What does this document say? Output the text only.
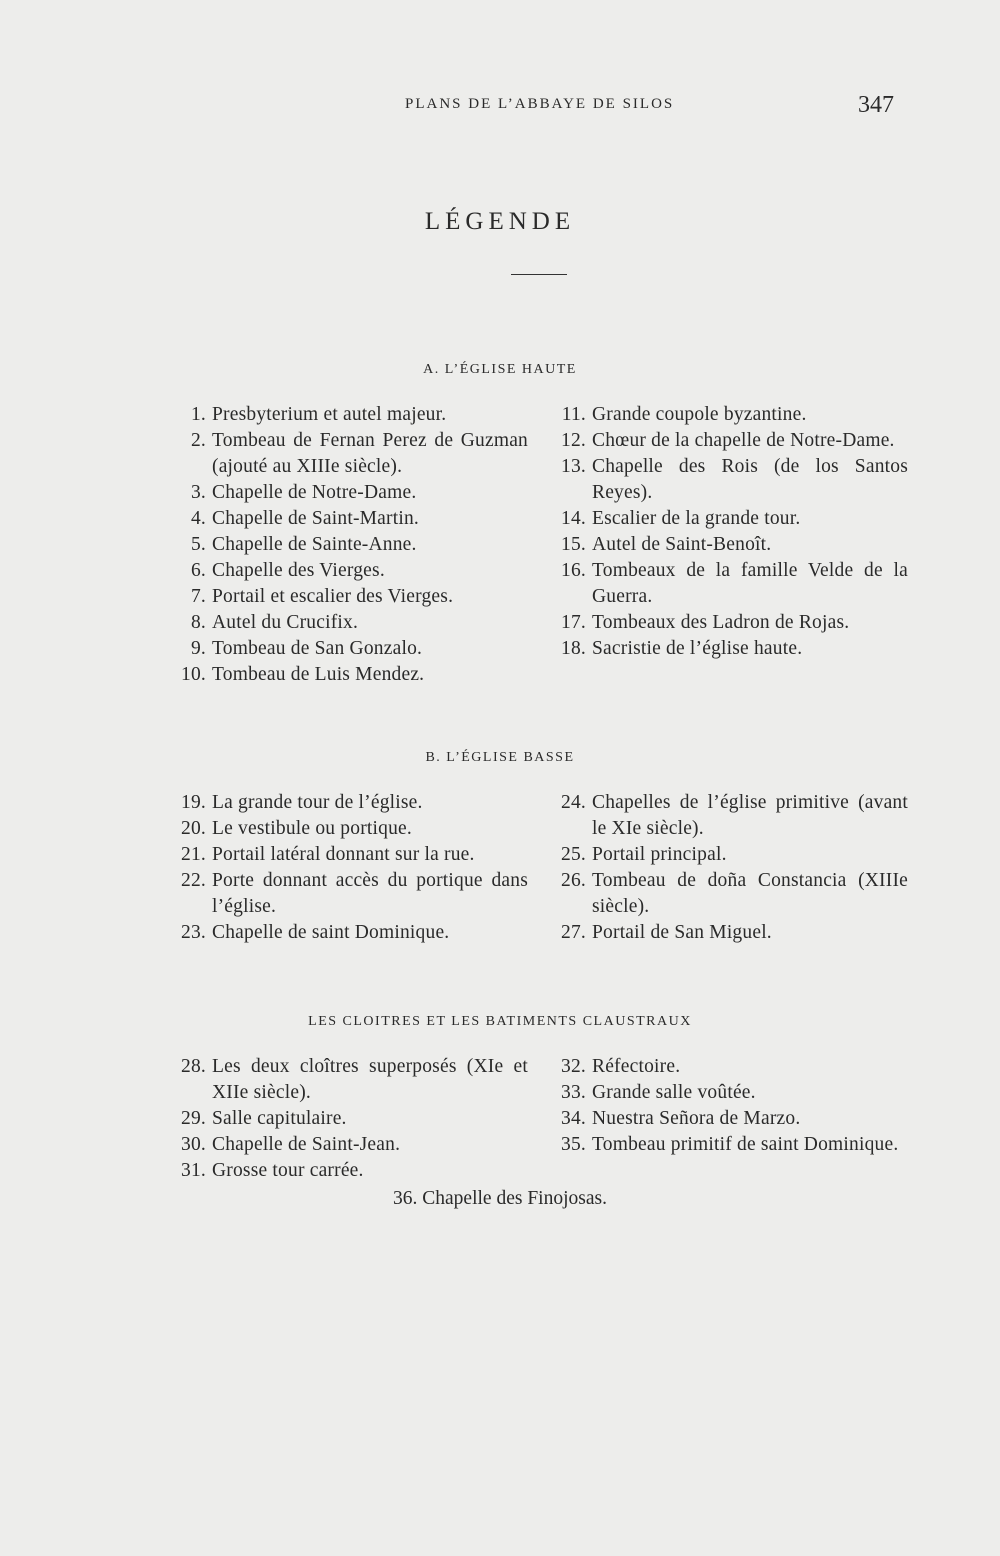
PLANS DE L’ABBAYE DE SILOS	347
LÉGENDE
A. L’ÉGLISE HAUTE
1 . Presbyterium et autel majeur.
2 . Tombeau de Fernan Perez de Guzman (ajouté au XIIIe siècle).
3 . Chapelle de Notre-Dame.
4 . Chapelle de Saint-Martin.
5 . Chapelle de Sainte-Anne.
6 . Chapelle des Vierges.
7 . Portail et escalier des Vierges.
8 . Autel du Crucifix.
9 . Tombeau de San Gonzalo.
10 . Tombeau de Luis Mendez.
11 . Grande coupole byzantine.
12 . Chœur de la chapelle de Notre-Dame.
13 . Chapelle des Rois (de los Santos Reyes).
14 . Escalier de la grande tour.
15 . Autel de Saint-Benoît.
16 . Tombeaux de la famille Velde de la Guerra.
17 . Tombeaux des Ladron de Rojas.
18 . Sacristie de l’église haute.
B. L’ÉGLISE BASSE
19 . La grande tour de l’église.
20 . Le vestibule ou portique.
21 . Portail latéral donnant sur la rue.
22 . Porte donnant accès du portique dans l’église.
23 . Chapelle de saint Dominique.
24 . Chapelles de l’église primitive (avant le XIe siècle).
25 . Portail principal.
26 . Tombeau de doña Constancia (XIIIe siècle).
27 . Portail de San Miguel.
LES CLOITRES ET LES BATIMENTS CLAUSTRAUX
28 . Les deux cloîtres superposés (XIe et XIIe siècle).
29 . Salle capitulaire.
30 . Chapelle de Saint-Jean.
31 . Grosse tour carrée.
32 . Réfectoire.
33 . Grande salle voûtée.
34 . Nuestra Señora de Marzo.
35 . Tombeau primitif de saint Dominique.
36 . Chapelle des Finojosas.
